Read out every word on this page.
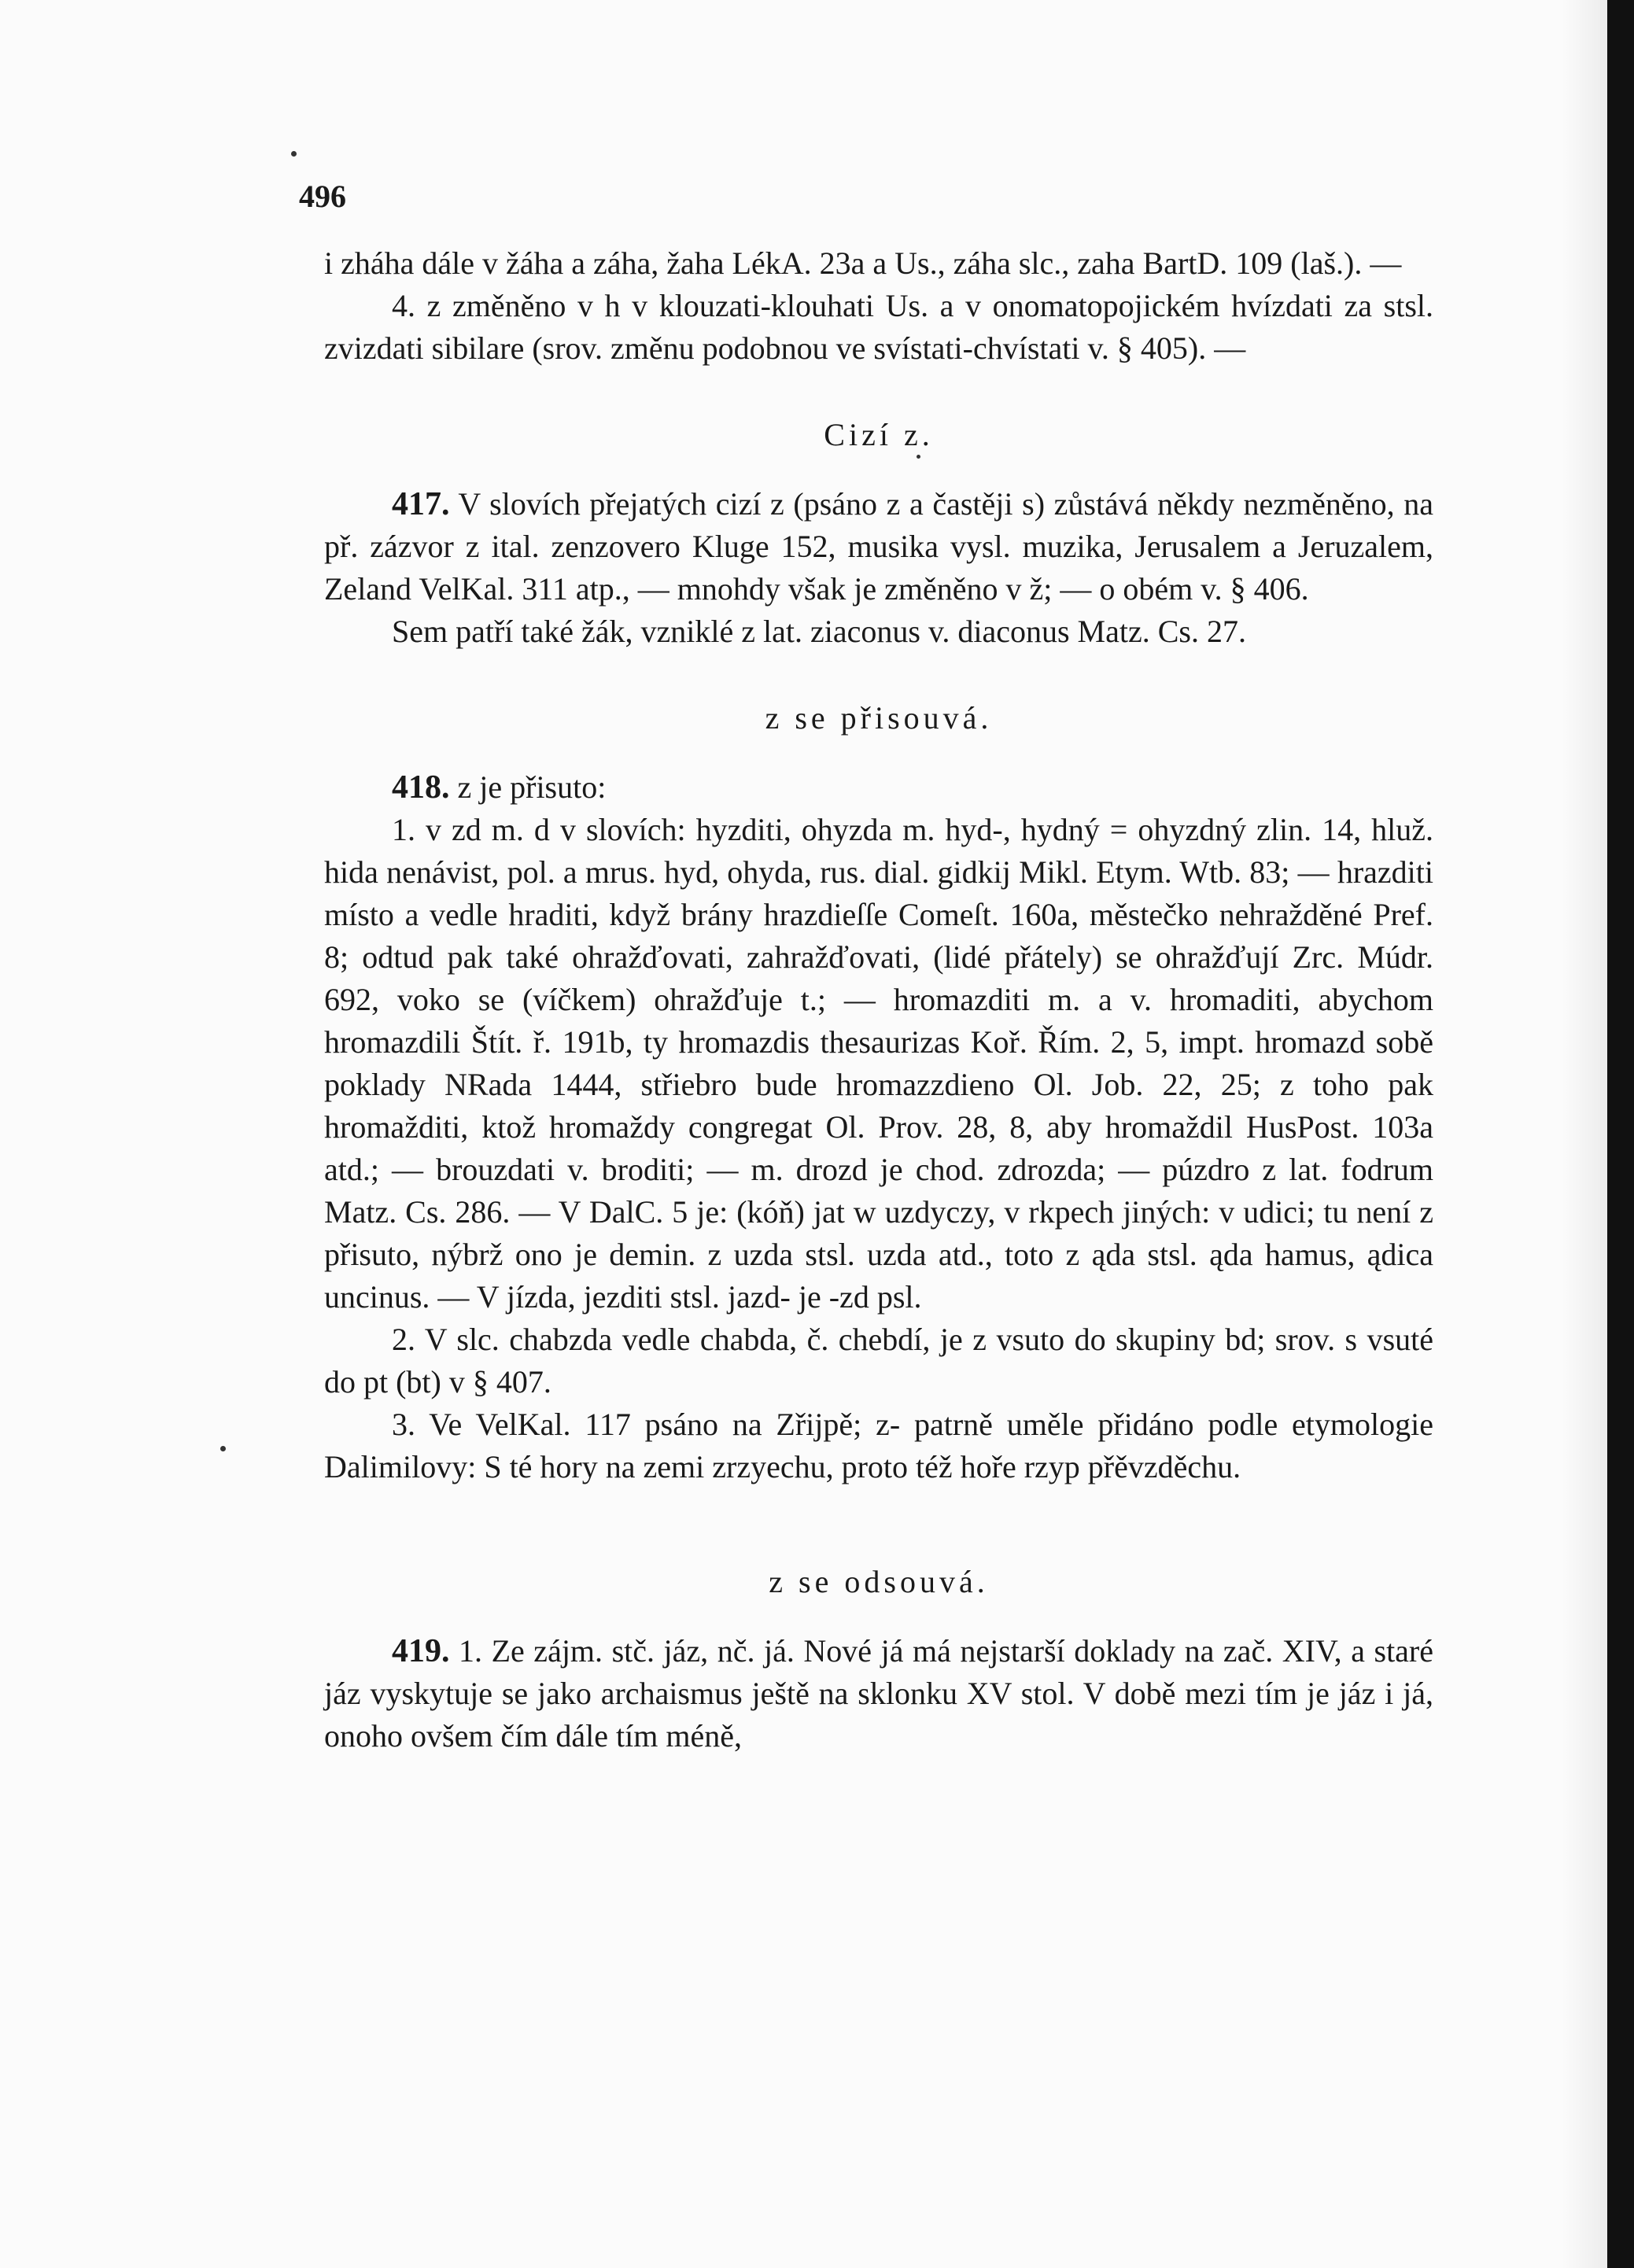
496

i zháha dále v žáha a záha, žaha LékA. 23a a Us., záha slc., zaha BartD. 109 (laš.). —

4. z změněno v h v klouzati-klouhati Us. a v onomatopojickém hvízdati za stsl. zvizdati sibilare (srov. změnu podobnou ve svístati-chvístati v. § 405). —

Cizí z.

417. V slovích přejatých cizí z (psáno z a častěji s) zůstává někdy nezměněno, na př. zázvor z ital. zenzovero Kluge 152, musika vysl. muzika, Jerusalem a Jeruzalem, Zeland VelKal. 311 atp., — mnohdy však je změněno v ž; — o obém v. § 406.

Sem patří také žák, vzniklé z lat. ziaconus v. diaconus Matz. Cs. 27.

z se přisouvá.

418. z je přisuto:

1. v zd m. d v slovích: hyzditi, ohyzda m. hyd-, hydný = ohyzdný zlin. 14, hluž. hida nenávist, pol. a mrus. hyd, ohyda, rus. dial. gidkij Mikl. Etym. Wtb. 83; — hrazditi místo a vedle hraditi, když brány hrazdieſſe Comeſt. 160a, městečko nehražděné Pref. 8; odtud pak také ohražďovati, zahražďovati, (lidé přátely) se ohražďují Zrc. Múdr. 692, voko se (víčkem) ohražďuje t.; — hromazditi m. a v. hromaditi, abychom hromazdili Štít. ř. 191b, ty hromazdis thesaurizas Koř. Řím. 2, 5, impt. hromazd sobě poklady NRada 1444, střiebro bude hromazzdieno Ol. Job. 22, 25; z toho pak hromažditi, ktož hromaždy congregat Ol. Prov. 28, 8, aby hromaždil HusPost. 103a atd.; — brouzdati v. broditi; — m. drozd je chod. zdrozda; — púzdro z lat. fodrum Matz. Cs. 286. — V DalC. 5 je: (kóň) jat w uzdyczy, v rkpech jiných: v udici; tu není z přisuto, nýbrž ono je demin. z uzda stsl. uzda atd., toto z ąda stsl. ąda hamus, ądica uncinus. — V jízda, jezditi stsl. jazd- je -zd psl.

2. V slc. chabzda vedle chabda, č. chebdí, je z vsuto do skupiny bd; srov. s vsuté do pt (bt) v § 407.

3. Ve VelKal. 117 psáno na Zřijpě; z- patrně uměle přidáno podle etymologie Dalimilovy: S té hory na zemi zrzyechu, proto též hoře rzyp přěvzděchu.

z se odsouvá.

419. 1. Ze zájm. stč. jáz, nč. já. Nové já má nejstarší doklady na zač. XIV, a staré jáz vyskytuje se jako archaismus ještě na sklonku XV stol. V době mezi tím je jáz i já, onoho ovšem čím dále tím méně,
